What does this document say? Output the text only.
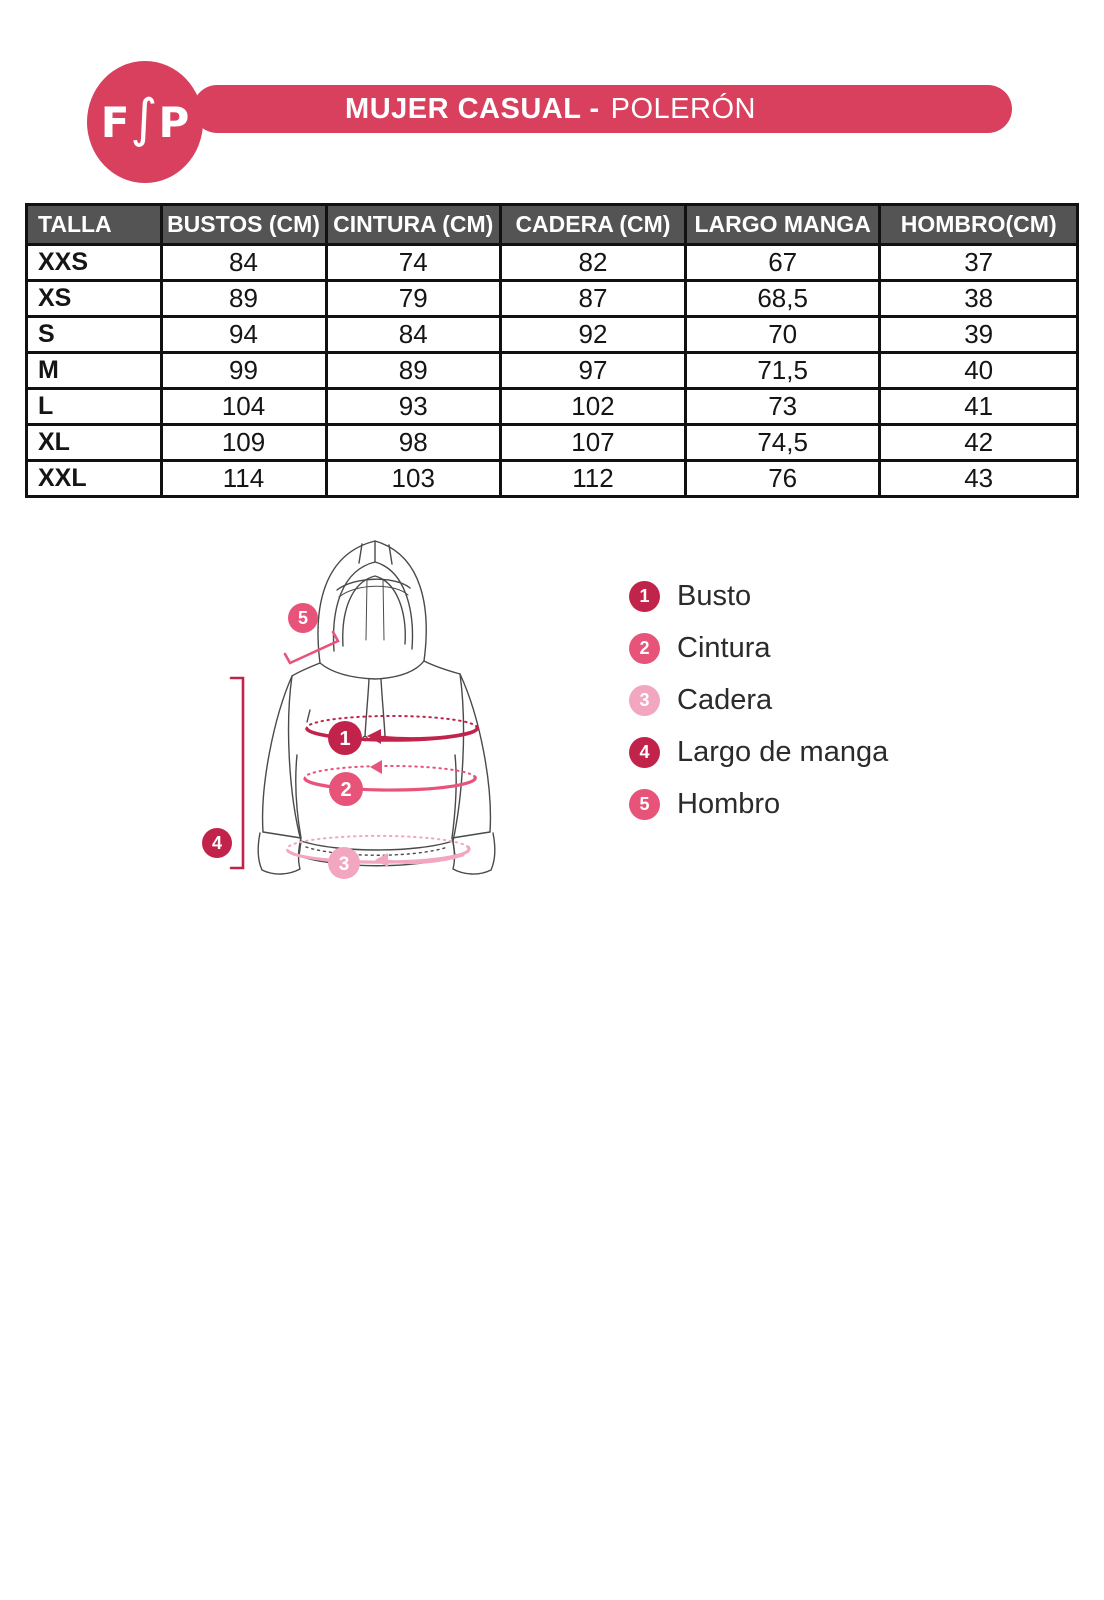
MUJER CASUAL - POLERÓN
F ∫ P
TALLA	BUSTOS (CM)	CINTURA (CM)	CADERA (CM)	LARGO MANGA	HOMBRO(CM)
XXS	84	74	82	67	37
XS	89	79	87	68,5	38
S	94	84	92	70	39
M	99	89	97	71,5	40
L	104	93	102	73	41
XL	109	98	107	74,5	42
XXL	114	103	112	76	43
1
2
3
4
5
1 Busto
2 Cintura
3 Cadera
4 Largo de manga
5 Hombro
